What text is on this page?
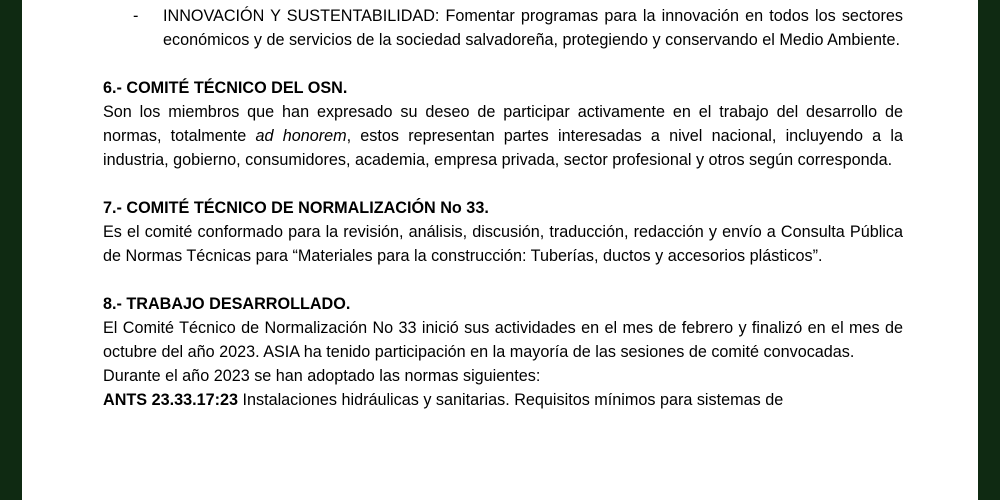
- INNOVACIÓN Y SUSTENTABILIDAD: Fomentar programas para la innovación en todos los sectores económicos y de servicios de la sociedad salvadoreña, protegiendo y conservando el Medio Ambiente.
6.- COMITÉ TÉCNICO DEL OSN.
Son los miembros que han expresado su deseo de participar activamente en el trabajo del desarrollo de normas, totalmente ad honorem, estos representan partes interesadas a nivel nacional, incluyendo a la industria, gobierno, consumidores, academia, empresa privada, sector profesional y otros según corresponda.
7.- COMITÉ TÉCNICO DE NORMALIZACIÓN No 33.
Es el comité conformado para la revisión, análisis, discusión, traducción, redacción y envío a Consulta Pública de Normas Técnicas para “Materiales para la construcción: Tuberías, ductos y accesorios plásticos”.
8.- TRABAJO DESARROLLADO.
El Comité Técnico de Normalización No 33 inició sus actividades en el mes de febrero y finalizó en el mes de octubre del año 2023. ASIA ha tenido participación en la mayoría de las sesiones de comité convocadas.
Durante el año 2023 se han adoptado las normas siguientes:
ANTS 23.33.17:23 Instalaciones hidráulicas y sanitarias. Requisitos mínimos para sistemas de
